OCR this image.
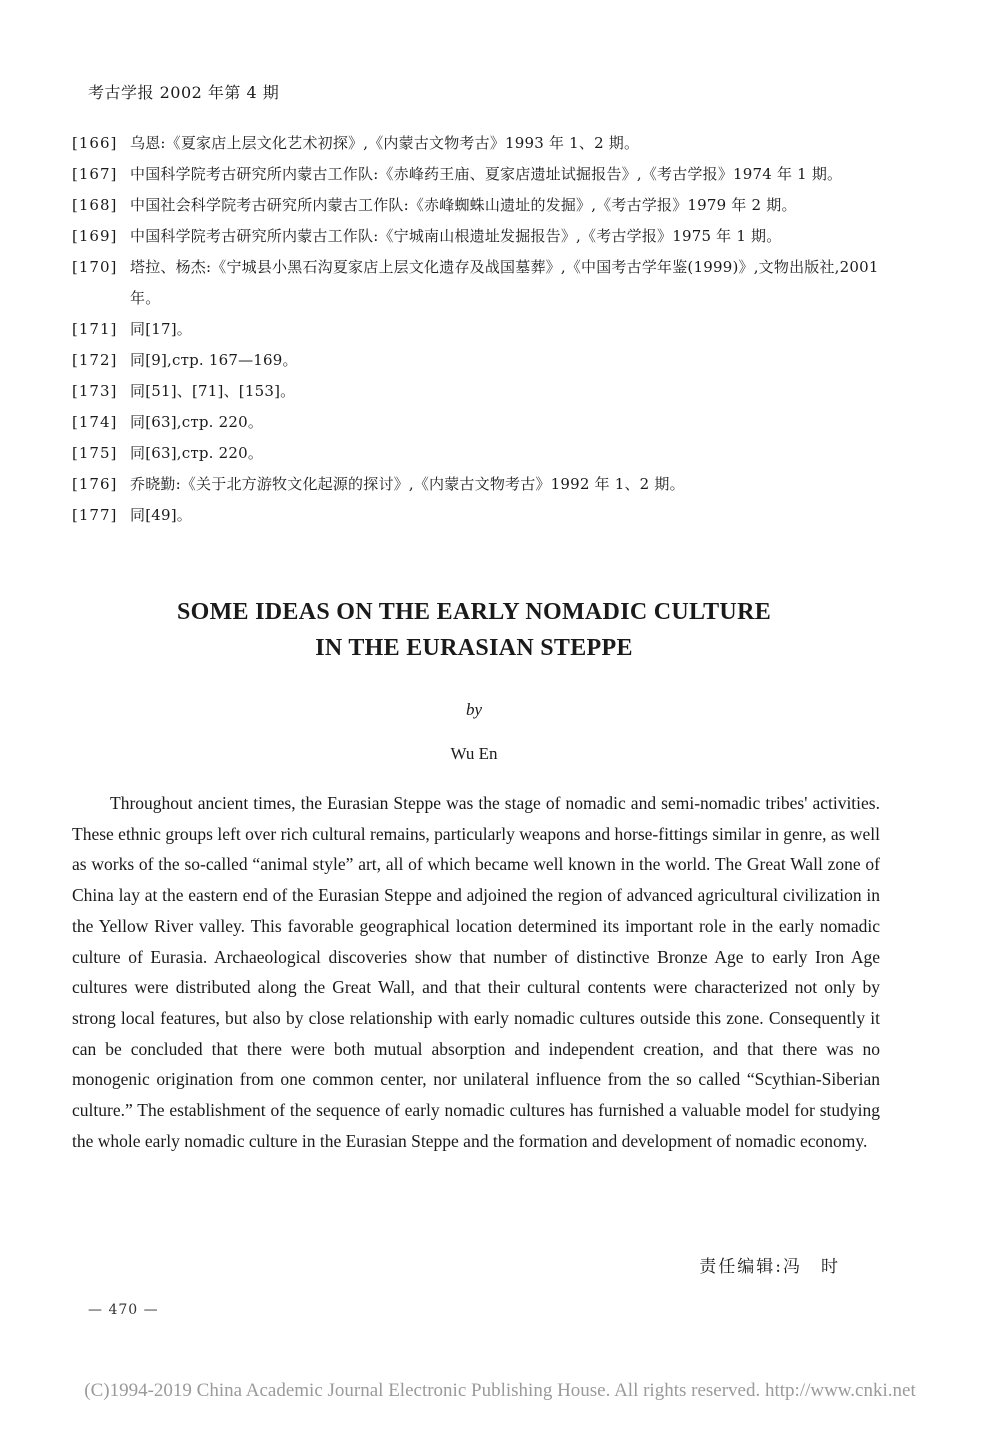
考古学报 2002 年第 4 期
[166] 乌恩:《夏家店上层文化艺术初探》,《内蒙古文物考古》1993 年 1、2 期。
[167] 中国科学院考古研究所内蒙古工作队:《赤峰药王庙、夏家店遗址试掘报告》,《考古学报》1974 年 1 期。
[168] 中国社会科学院考古研究所内蒙古工作队:《赤峰蜘蛛山遗址的发掘》,《考古学报》1979 年 2 期。
[169] 中国科学院考古研究所内蒙古工作队:《宁城南山根遗址发掘报告》,《考古学报》1975 年 1 期。
[170] 塔拉、杨杰:《宁城县小黑石沟夏家店上层文化遗存及战国墓葬》,《中国考古学年鉴(1999)》,文物出版社,2001 年。
[171] 同[17]。
[172] 同[9],стр. 167—169。
[173] 同[51]、[71]、[153]。
[174] 同[63],стр. 220。
[175] 同[63],стр. 220。
[176] 乔晓勤:《关于北方游牧文化起源的探讨》,《内蒙古文物考古》1992 年 1、2 期。
[177] 同[49]。
SOME IDEAS ON THE EARLY NOMADIC CULTURE
IN THE EURASIAN STEPPE
by
Wu En

Throughout ancient times, the Eurasian Steppe was the stage of nomadic and semi-nomadic tribes' activities. These ethnic groups left over rich cultural remains, particularly weapons and horse-fittings similar in genre, as well as works of the so-called “animal style” art, all of which became well known in the world. The Great Wall zone of China lay at the eastern end of the Eurasian Steppe and adjoined the region of advanced agricultural civilization in the Yellow River valley. This favorable geographical location determined its important role in the early nomadic culture of Eurasia. Archaeological discoveries show that number of distinctive Bronze Age to early Iron Age cultures were distributed along the Great Wall, and that their cultural contents were characterized not only by strong local features, but also by close relationship with early nomadic cultures outside this zone. Consequently it can be concluded that there were both mutual absorption and independent creation, and that there was no monogenic origination from one common center, nor unilateral influence from the so called “Scythian-Siberian culture.” The establishment of the sequence of early nomadic cultures has furnished a valuable model for studying the whole early nomadic culture in the Eurasian Steppe and the formation and development of nomadic economy.

责任编辑:冯　时
— 470 —
(C)1994-2019 China Academic Journal Electronic Publishing House. All rights reserved. http://www.cnki.net
